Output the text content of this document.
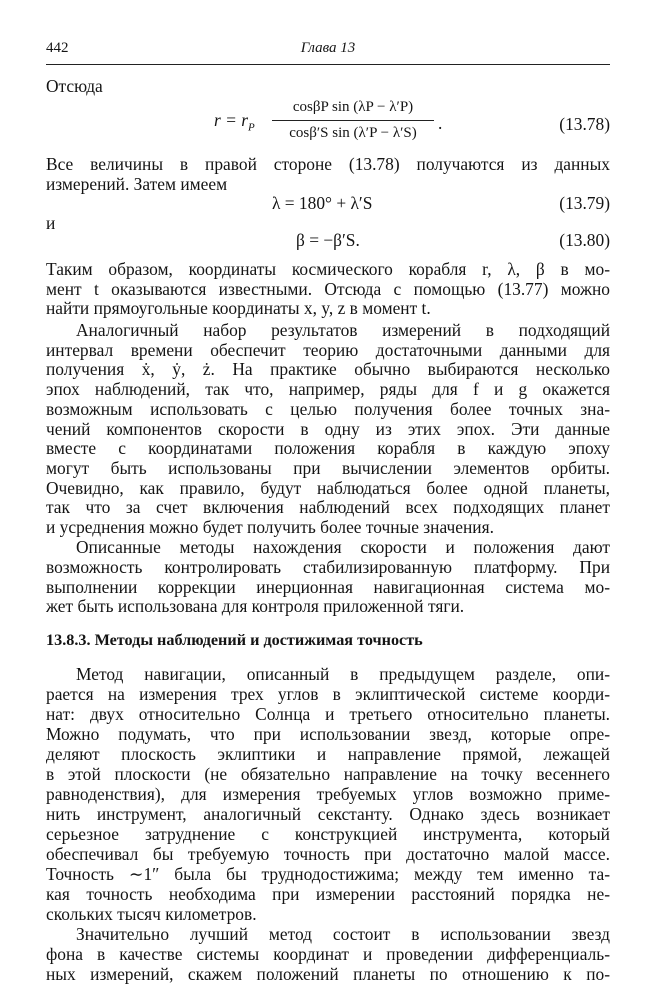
442	Глава 13
Отсюда
$r = r_P$
cosβP sin (λP − λ′P)
cosβ′S sin (λ′P − λ′S)	.	(13.78)
Все величины в правой стороне (13.78) получаются из данных
измерений. Затем имеем
λ = 180° + λ′S	(13.79)
и
β = −β′S.	(13.80)
Таким образом, координаты космического корабля r, λ, β в мо-
мент t оказываются известными. Отсюда с помощью (13.77) можно
найти прямоугольные координаты x, y, z в момент t.
Аналогичный набор результатов измерений в подходящий
интервал времени обеспечит теорию достаточными данными для
получения ẋ, ẏ, ż. На практике обычно выбираются несколько
эпох наблюдений, так что, например, ряды для f и g окажется
возможным использовать с целью получения более точных зна-
чений компонентов скорости в одну из этих эпох. Эти данные
вместе с координатами положения корабля в каждую эпоху
могут быть использованы при вычислении элементов орбиты.
Очевидно, как правило, будут наблюдаться более одной планеты,
так что за счет включения наблюдений всех подходящих планет
и усреднения можно будет получить более точные значения.
Описанные методы нахождения скорости и положения дают
возможность контролировать стабилизированную платформу. При
выполнении коррекции инерционная навигационная система мо-
жет быть использована для контроля приложенной тяги.
13.8.3. Методы наблюдений и достижимая точность
Метод навигации, описанный в предыдущем разделе, опи-
рается на измерения трех углов в эклиптической системе коорди-
нат: двух относительно Солнца и третьего относительно планеты.
Можно подумать, что при использовании звезд, которые опре-
деляют плоскость эклиптики и направление прямой, лежащей
в этой плоскости (не обязательно направление на точку весеннего
равноденствия), для измерения требуемых углов возможно приме-
нить инструмент, аналогичный секстанту. Однако здесь возникает
серьезное затруднение с конструкцией инструмента, который
обеспечивал бы требуемую точность при достаточно малой массе.
Точность ∼1″ была бы труднодостижима; между тем именно та-
кая точность необходима при измерении расстояний порядка не-
скольких тысяч километров.
Значительно лучший метод состоит в использовании звезд
фона в качестве системы координат и проведении дифференциаль-
ных измерений, скажем положений планеты по отношению к по-
